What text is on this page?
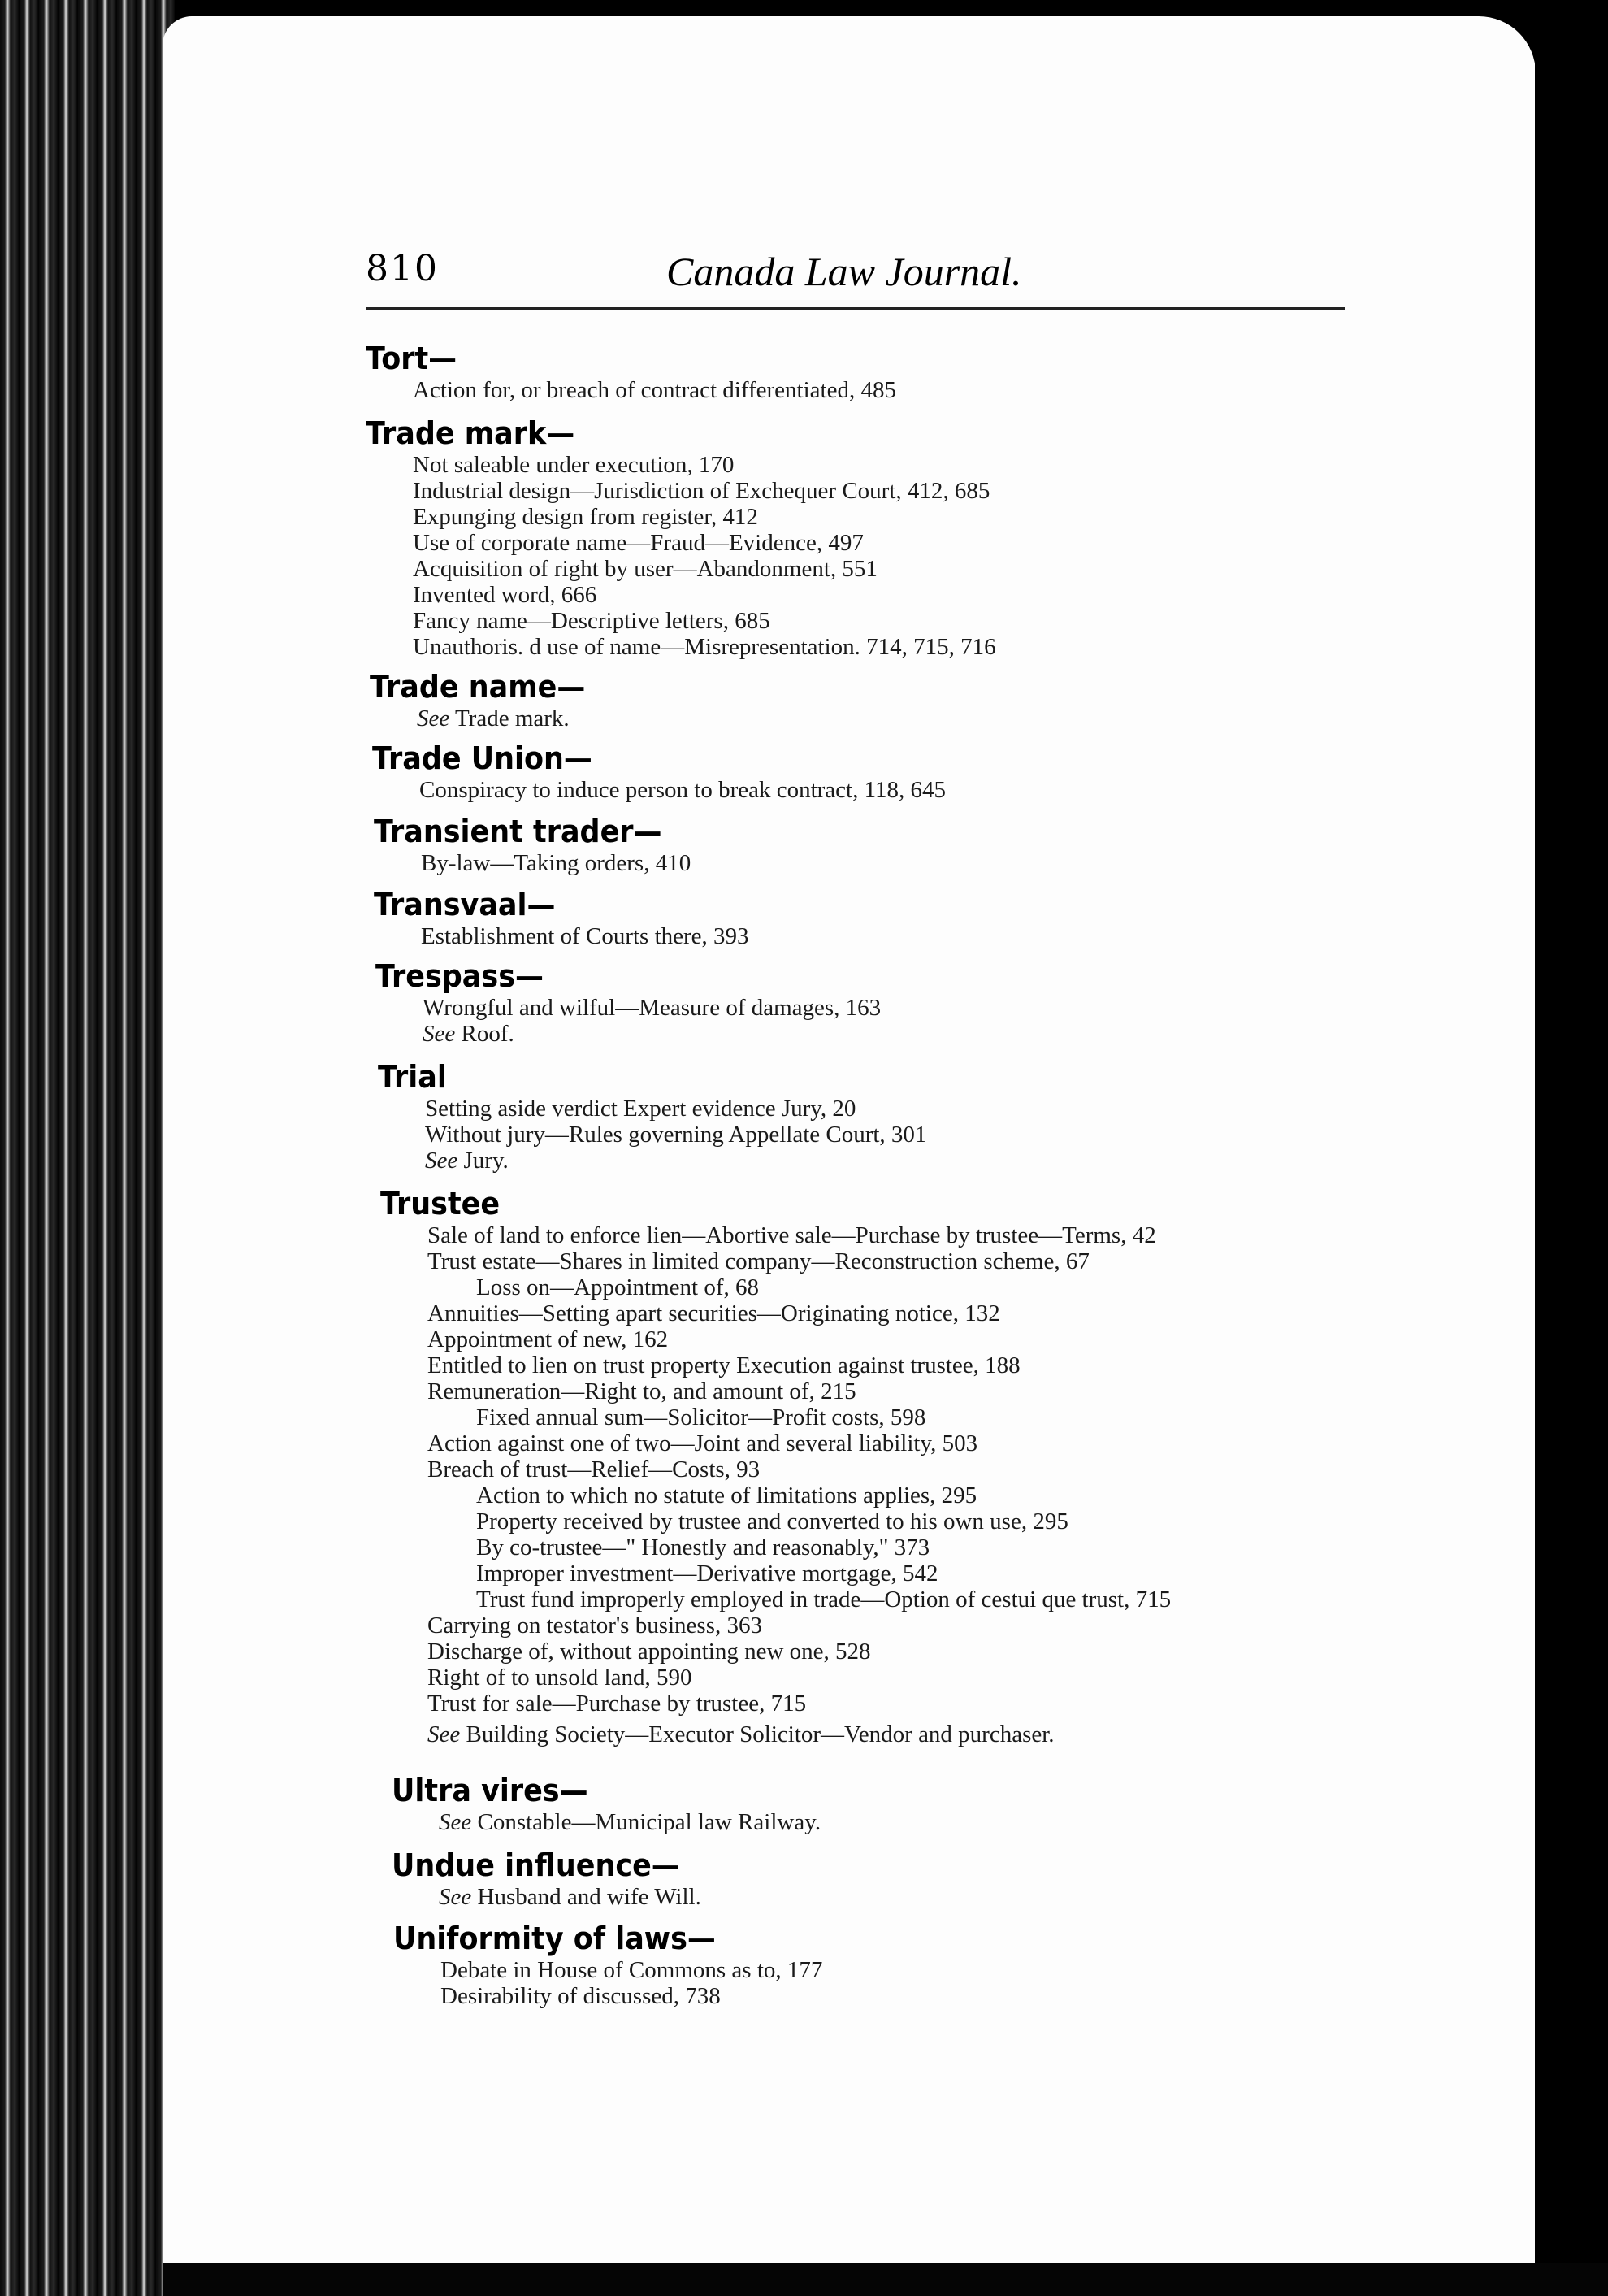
810	Canada Law Journal.
Tort—
Action for, or breach of contract differentiated, 485
Trade mark—
Not saleable under execution, 170
Industrial design—Jurisdiction of Exchequer Court, 412, 685
Expunging design from register, 412
Use of corporate name—Fraud—Evidence, 497
Acquisition of right by user—Abandonment, 551
Invented word, 666
Fancy name—Descriptive letters, 685
Unauthoris. d use of name—Misrepresentation. 714, 715, 716
Trade name—
See Trade mark.
Trade Union—
Conspiracy to induce person to break contract, 118, 645
Transient trader—
By-law—Taking orders, 410
Transvaal—
Establishment of Courts there, 393
Trespass—
Wrongful and wilful—Measure of damages, 163
See Roof.
Trial
Setting aside verdict Expert evidence Jury, 20
Without jury—Rules governing Appellate Court, 301
See Jury.
Trustee
Sale of land to enforce lien—Abortive sale—Purchase by trustee—Terms, 42
Trust estate—Shares in limited company—Reconstruction scheme, 67
Loss on—Appointment of, 68
Annuities—Setting apart securities—Originating notice, 132
Appointment of new, 162
Entitled to lien on trust property Execution against trustee, 188
Remuneration—Right to, and amount of, 215
Fixed annual sum—Solicitor—Profit costs, 598
Action against one of two—Joint and several liability, 503
Breach of trust—Relief—Costs, 93
Action to which no statute of limitations applies, 295
Property received by trustee and converted to his own use, 295
By co-trustee—" Honestly and reasonably," 373
Improper investment—Derivative mortgage, 542
Trust fund improperly employed in trade—Option of cestui que trust, 715
Carrying on testator's business, 363
Discharge of, without appointing new one, 528
Right of to unsold land, 590
Trust for sale—Purchase by trustee, 715
See Building Society—Executor Solicitor—Vendor and purchaser.
Ultra vires—
See Constable—Municipal law Railway.
Undue influence—
See Husband and wife Will.
Uniformity of laws—
Debate in House of Commons as to, 177
Desirability of discussed, 738
